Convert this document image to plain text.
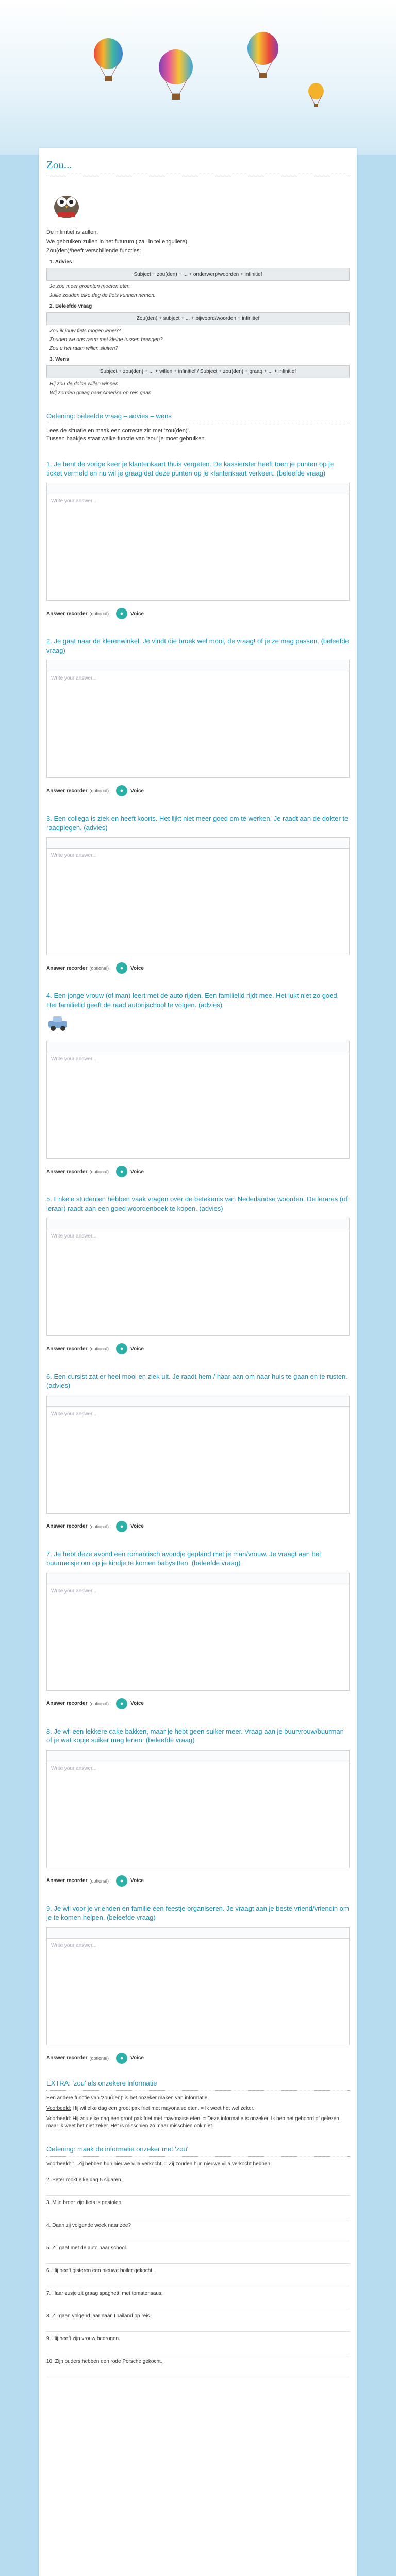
Zou...

De infinitief is zullen.

We gebruiken zullen in het futurum ('zal' in tel enguliere).

Zou(den)/heeft verschillende functies:

1. Advies
Subject + zou(den) + ... + onderwerp/woorden + infinitief
Je zou meer groenten moeten eten.
Jullie zouden elke dag de fiets kunnen nemen.
2. Beleefde vraag
Zou(den) + subject + ... + bijwoord/woorden + infinitief
Zou ik jouw fiets mogen lenen?
Zouden we ons raam met kleine tussen brengen?
Zou u het raam willen sluiten?
3. Wens
Subject + zou(den) + ... + willen + infinitief / Subject + zou(den) + graag + ... + infinitief
Hij zou de dolce willen winnen.
Wij zouden graag naar Amerika op reis gaan.
Oefening: beleefde vraag – advies – wens
Lees de situatie en maak een correcte zin met 'zou(den)'.
Tussen haakjes staat welke functie van 'zou' je moet gebruiken.
1. Je bent de vorige keer je klantenkaart thuis vergeten. De kassierster heeft toen je punten op je ticket vermeld en nu wil je graag dat deze punten op je klantenkaart verkeert. (beleefde vraag)
Write your answer...
Answer recorder (optional)	●	Voice
2. Je gaat naar de klerenwinkel. Je vindt die broek wel mooi, de vraag! of je ze mag passen. (beleefde vraag)
Write your answer...
Answer recorder (optional)	●	Voice
3. Een collega is ziek en heeft koorts. Het lijkt niet meer goed om te werken. Je raadt aan de dokter te raadplegen. (advies)
Write your answer...
Answer recorder (optional)	●	Voice
4. Een jonge vrouw (of man) leert met de auto rijden. Een familielid rijdt mee. Het lukt niet zo goed. Het familielid geeft de raad autorijschool te volgen. (advies)
Write your answer...
Answer recorder (optional)	●	Voice
5. Enkele studenten hebben vaak vragen over de betekenis van Nederlandse woorden. De lerares (of leraar) raadt aan een goed woordenboek te kopen. (advies)
Write your answer...
Answer recorder (optional)	●	Voice
6. Een cursist zat er heel mooi en ziek uit. Je raadt hem / haar aan om naar huis te gaan en te rusten. (advies)
Write your answer...
Answer recorder (optional)	●	Voice
7. Je hebt deze avond een romantisch avondje gepland met je man/vrouw. Je vraagt aan het buurmeisje om op je kindje te komen babysitten. (beleefde vraag)
Write your answer...
Answer recorder (optional)	●	Voice
8. Je wil een lekkere cake bakken, maar je hebt geen suiker meer. Vraag aan je buurvrouw/buurman of je wat kopje suiker mag lenen. (beleefde vraag)
Write your answer...
Answer recorder (optional)	●	Voice
9. Je wil voor je vrienden en familie een feestje organiseren. Je vraagt aan je beste vriend/vriendin om je te komen helpen. (beleefde vraag)
Write your answer...
Answer recorder (optional)	●	Voice
EXTRA: 'zou' als onzekere informatie

Een andere functie van 'zou(den)' is het onzeker maken van informatie.

Voorbeeld: Hij wil elke dag een groot pak friet met mayonaise eten. = Ik weet het wel zeker.

Voorbeeld: Hij zou elke dag een groot pak friet met mayonaise eten. = Deze informatie is onzeker. Ik heb het gehoord of gelezen, maar ik weet het niet zeker. Het is misschien zo maar misschien ook niet.

Oefening: maak de informatie onzeker met 'zou'

Voorbeeld: 1. Zij hebben hun nieuwe villa verkocht. = Zij zouden hun nieuwe villa verkocht hebben.

2. Peter rookt elke dag 5 sigaren.
3. Mijn broer zijn fiets is gestolen.
4. Daan zij volgende week naar zee?
5. Zij gaat met de auto naar school.
6. Hij heeft gisteren een nieuwe boiler gekocht.
7. Haar zusje zit graag spaghetti met tomatensaus.
8. Zij gaan volgend jaar naar Thailand op reis.
9. Hij heeft zijn vrouw bedrogen.
10. Zijn ouders hebben een rode Porsche gekocht.
